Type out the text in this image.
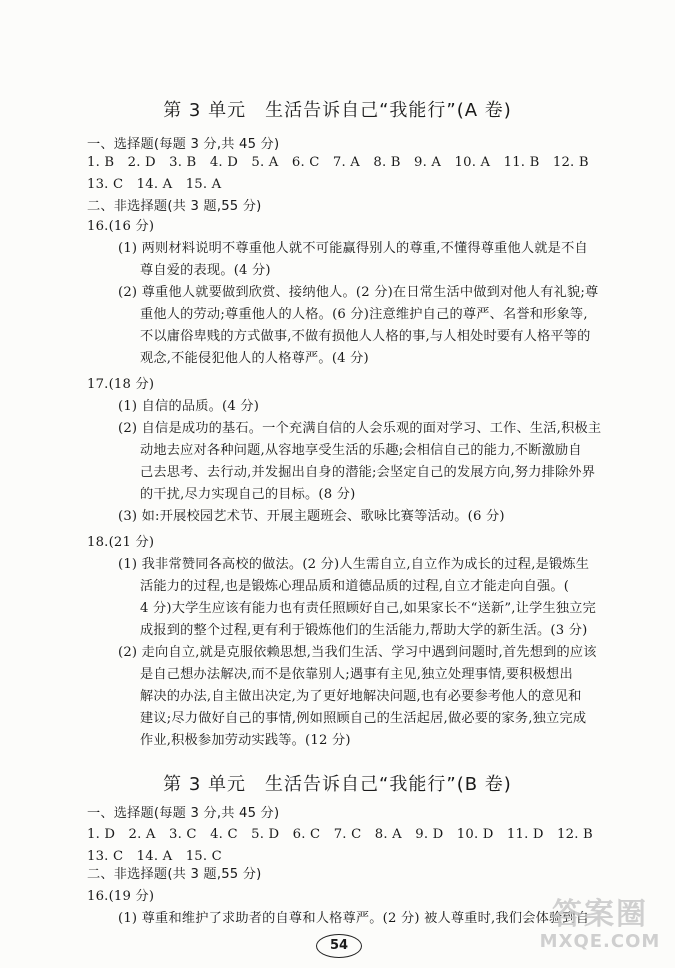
第 3 单元　生活告诉自己“我能行”(A 卷)
一、选择题(每题 3 分,共 45 分)
1. B　2. D　3. B　4. D　5. A　6. C　7. A　8. B　9. A　10. A　11. B　12. B
13. C　14. A　15. A
二、非选择题(共 3 题,55 分)
16.(16 分)
(1) 两则材料说明不尊重他人就不可能赢得别人的尊重,不懂得尊重他人就是不自
尊自爱的表现。(4 分)
(2) 尊重他人就要做到欣赏、接纳他人。(2 分)在日常生活中做到对他人有礼貌;尊
重他人的劳动;尊重他人的人格。(6 分)注意维护自己的尊严、名誉和形象等,
不以庸俗卑贱的方式做事,不做有损他人人格的事,与人相处时要有人格平等的
观念,不能侵犯他人的人格尊严。(4 分)
17.(18 分)
(1) 自信的品质。(4 分)
(2) 自信是成功的基石。一个充满自信的人会乐观的面对学习、工作、生活,积极主
动地去应对各种问题,从容地享受生活的乐趣;会相信自己的能力,不断激励自
己去思考、去行动,并发掘出自身的潜能;会坚定自己的发展方向,努力排除外界
的干扰,尽力实现自己的目标。(8 分)
(3) 如:开展校园艺术节、开展主题班会、歌咏比赛等活动。(6 分)
18.(21 分)
(1) 我非常赞同各高校的做法。(2 分)人生需自立,自立作为成长的过程,是锻炼生
活能力的过程,也是锻炼心理品质和道德品质的过程,自立才能走向自强。(
4 分)大学生应该有能力也有责任照顾好自己,如果家长不“送新”,让学生独立完
成报到的整个过程,更有利于锻炼他们的生活能力,帮助大学的新生活。(3 分)
(2) 走向自立,就是克服依赖思想,当我们生活、学习中遇到问题时,首先想到的应该
是自己想办法解决,而不是依靠别人;遇事有主见,独立处理事情,要积极想出
解决的办法,自主做出决定,为了更好地解决问题,也有必要参考他人的意见和
建议;尽力做好自己的事情,例如照顾自己的生活起居,做必要的家务,独立完成
作业,积极参加劳动实践等。(12 分)
第 3 单元　生活告诉自己“我能行”(B 卷)
一、选择题(每题 3 分,共 45 分)
1. D　2. A　3. C　4. C　5. D　6. C　7. C　8. A　9. D　10. D　11. D　12. B
13. C　14. A　15. C
二、非选择题(共 3 题,55 分)
16.(19 分)
(1) 尊重和维护了求助者的自尊和人格尊严。(2 分) 被人尊重时,我们会体验到自
54
答案圈
MXQE.COM
